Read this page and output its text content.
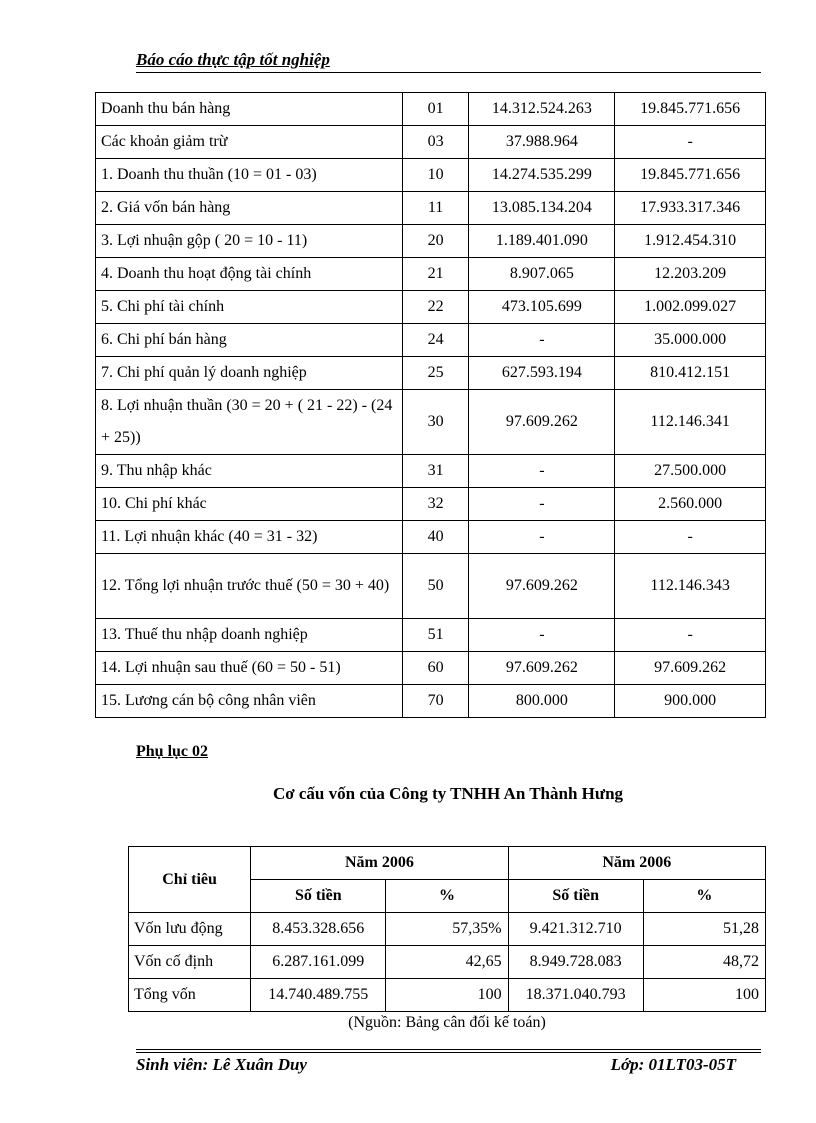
Báo cáo thực tập tốt nghiệp
Doanh thu bán hàng	01	14.312.524.263	19.845.771.656
Các khoản giảm trừ	03	37.988.964	-
1. Doanh thu thuần (10 = 01 - 03)	10	14.274.535.299	19.845.771.656
2. Giá vốn bán hàng	11	13.085.134.204	17.933.317.346
3. Lợi nhuận gộp ( 20 = 10 - 11)	20	1.189.401.090	1.912.454.310
4. Doanh thu hoạt động tài chính	21	8.907.065	12.203.209
5. Chi phí tài chính	22	473.105.699	1.002.099.027
6. Chi phí bán hàng	24	-	35.000.000
7. Chi phí quản lý doanh nghiệp	25	627.593.194	810.412.151
8. Lợi nhuận thuần (30 = 20 + ( 21 - 22) - (24 + 25))	30	97.609.262	112.146.341
9. Thu nhập khác	31	-	27.500.000
10. Chi phí khác	32	-	2.560.000
11. Lợi nhuận khác (40 = 31 - 32)	40	-	-
12. Tổng lợi nhuận trước thuế (50 = 30 + 40)	50	97.609.262	112.146.343
13. Thuế thu nhập doanh nghiệp	51	-	-
14. Lợi nhuận sau thuế (60 = 50 - 51)	60	97.609.262	97.609.262
15. Lương cán bộ công nhân viên	70	800.000	900.000
Phụ lục 02
Cơ cấu vốn của Công ty TNHH An Thành Hưng
Chỉ tiêu	Năm 2006		Năm 2006	
	Số tiền	%	Số tiền	%
Vốn lưu động	8.453.328.656	57,35%	9.421.312.710	51,28
Vốn cố định	6.287.161.099	42,65	8.949.728.083	48,72
Tổng vốn	14.740.489.755	100	18.371.040.793	100
(Nguồn: Bảng cân đối kế toán)
Sinh viên: Lê Xuân Duy	Lớp: 01LT03-05T
